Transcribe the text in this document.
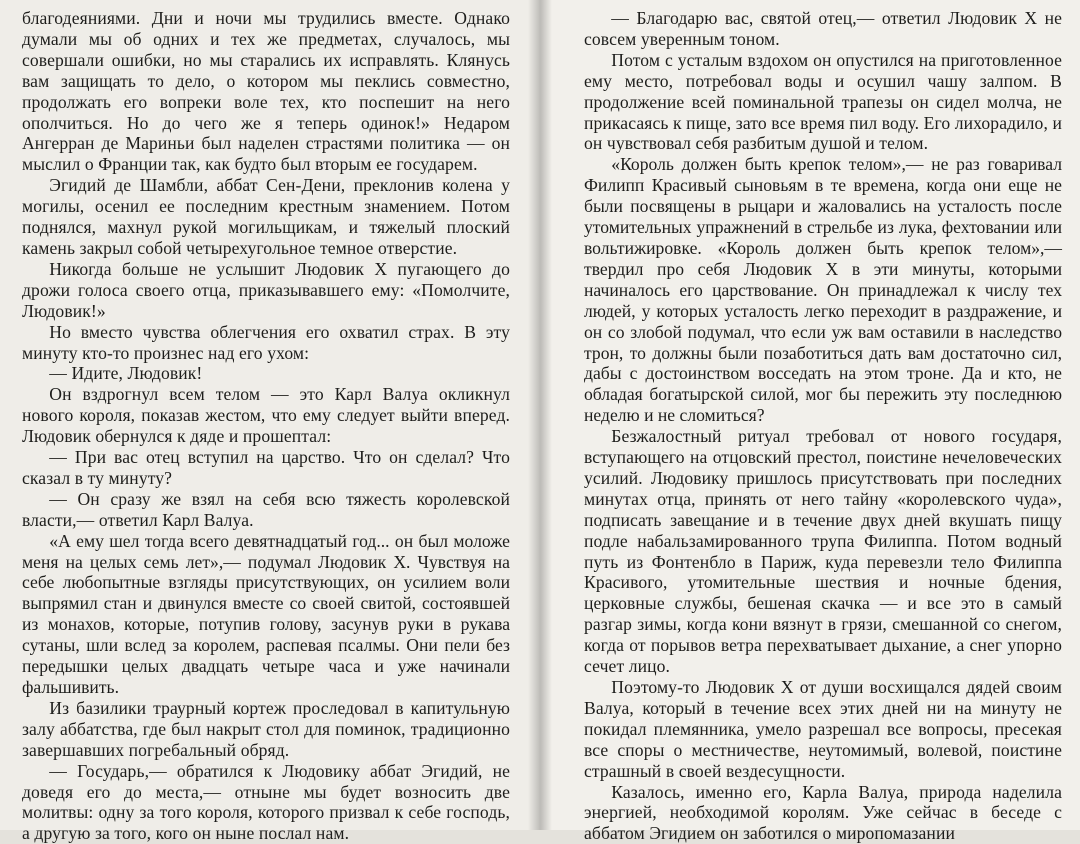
благодеяниями. Дни и ночи мы трудились вместе. Однако думали мы об одних и тех же предметах, случалось, мы совершали ошибки, но мы старались их исправлять. Клянусь вам защищать то дело, о котором мы пеклись совместно, продолжать его вопреки воле тех, кто поспешит на него ополчиться. Но до чего же я теперь одинок!» Недаром Ангерран де Мариньи был наделен страстями политика — он мыслил о Франции так, как будто был вторым ее государем.

Эгидий де Шамбли, аббат Сен-Дени, преклонив колена у могилы, осенил ее последним крестным знамением. Потом поднялся, махнул рукой могильщикам, и тяжелый плоский камень закрыл собой четырехугольное темное отверстие.

Никогда больше не услышит Людовик X пугающего до дрожи голоса своего отца, приказывавшего ему: «Помолчите, Людовик!»

Но вместо чувства облегчения его охватил страх. В эту минуту кто-то произнес над его ухом:

— Идите, Людовик!

Он вздрогнул всем телом — это Карл Валуа окликнул нового короля, показав жестом, что ему следует выйти вперед. Людовик обернулся к дяде и прошептал:

— При вас отец вступил на царство. Что он сделал? Что сказал в ту минуту?

— Он сразу же взял на себя всю тяжесть королевской власти,— ответил Карл Валуа.

«А ему шел тогда всего девятнадцатый год... он был моложе меня на целых семь лет»,— подумал Людовик X. Чувствуя на себе любопытные взгляды присутствующих, он усилием воли выпрямил стан и двинулся вместе со своей свитой, состоявшей из монахов, которые, потупив голову, засунув руки в рукава сутаны, шли вслед за королем, распевая псалмы. Они пели без передышки целых двадцать четыре часа и уже начинали фальшивить.

Из базилики траурный кортеж проследовал в капитульную залу аббатства, где был накрыт стол для поминок, традиционно завершавших погребальный обряд.

— Государь,— обратился к Людовику аббат Эгидий, не доведя его до места,— отныне мы будет возносить две молитвы: одну за того короля, которого призвал к себе господь, а другую за того, кого он ныне послал нам.

— Благодарю вас, святой отец,— ответил Людовик X не совсем уверенным тоном.

Потом с усталым вздохом он опустился на приготовленное ему место, потребовал воды и осушил чашу залпом. В продолжение всей поминальной трапезы он сидел молча, не прикасаясь к пище, зато все время пил воду. Его лихорадило, и он чувствовал себя разбитым душой и телом.

«Король должен быть крепок телом»,— не раз говаривал Филипп Красивый сыновьям в те времена, когда они еще не были посвящены в рыцари и жаловались на усталость после утомительных упражнений в стрельбе из лука, фехтовании или вольтижировке. «Король должен быть крепок телом»,— твердил про себя Людовик X в эти минуты, которыми начиналось его царствование. Он принадлежал к числу тех людей, у которых усталость легко переходит в раздражение, и он со злобой подумал, что если уж вам оставили в наследство трон, то должны были позаботиться дать вам достаточно сил, дабы с достоинством восседать на этом троне. Да и кто, не обладая богатырской силой, мог бы пережить эту последнюю неделю и не сломиться?

Безжалостный ритуал требовал от нового государя, вступающего на отцовский престол, поистине нечеловеческих усилий. Людовику пришлось присутствовать при последних минутах отца, принять от него тайну «королевского чуда», подписать завещание и в течение двух дней вкушать пищу подле набальзамированного трупа Филиппа. Потом водный путь из Фонтенбло в Париж, куда перевезли тело Филиппа Красивого, утомительные шествия и ночные бдения, церковные службы, бешеная скачка — и все это в самый разгар зимы, когда кони вязнут в грязи, смешанной со снегом, когда от порывов ветра перехватывает дыхание, а снег упорно сечет лицо.

Поэтому-то Людовик X от души восхищался дядей своим Валуа, который в течение всех этих дней ни на минуту не покидал племянника, умело разрешал все вопросы, пресекая все споры о местничестве, неутомимый, волевой, поистине страшный в своей вездесущности.

Казалось, именно его, Карла Валуа, природа наделила энергией, необходимой королям. Уже сейчас в беседе с аббатом Эгидием он заботился о миропомазании
